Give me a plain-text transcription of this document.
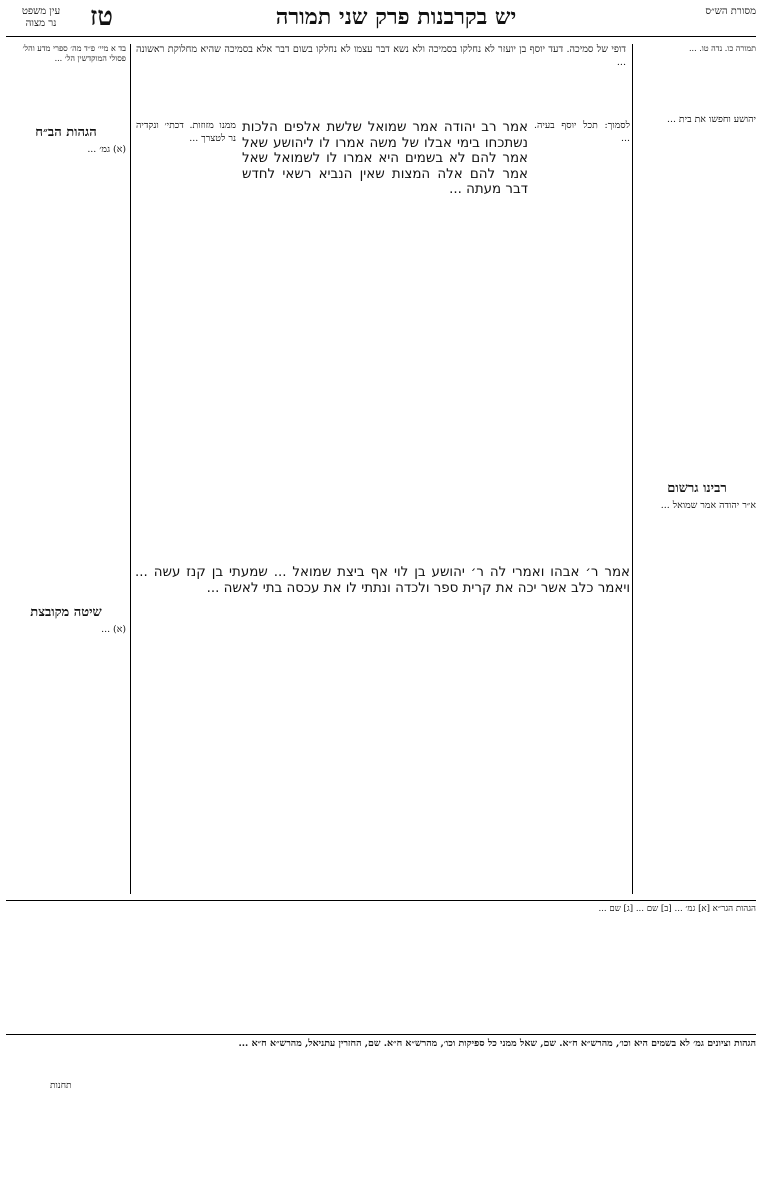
עין משפט
נר מצוה	טז	יש בקרבנות פרק שני תמורה	מסורת הש״ס
בד א מיי׳ פ״ד מה׳ ספרי מדע והל׳ פסולי המוקדשין הל׳ ...
הגהות הב״ח
(א) גמ׳ ...
שיטה מקובצת
(א) ...
ממנו מזוזות. דכתי׳ ונקדיה נר לטצרך ...
דופי של סמיכה. דעד יוסף בן יועזר לא נחלקו בסמיכה ולא נשא דבר עצמו לא נחלקו בשום דבר אלא בסמיכה שהיא מחלוקת ראשונה ...
אמר רב יהודה אמר שמואל שלשת אלפים הלכות נשתכחו בימי אבלו של משה אמרו לו ליהושע שאל אמר להם לא בשמים היא אמרו לו לשמואל שאל אמר להם אלה המצות שאין הנביא רשאי לחדש דבר מעתה ...
לסמוך: תכל יוסף בעיה. ...
אמר ר׳ אבהו ואמרי לה ר׳ יהושע בן לוי אף ביצת שמואל ... שמעתי בן קנז עשה ... ויאמר כלב אשר יכה את קרית ספר ולכדה ונתתי לו את עכסה בתי לאשה ...
תמורה כו. נדה טו. ...
יהושע וחפשו את בית ...
רבינו גרשום
א״ר יהודה אמר שמואל ...
הגהות הגר״א [א] גמ׳ ... [ב] שם ... [ג] שם ...
הגהות וציונים גמ׳ לא בשמים היא וכו׳, מהרש״א ח״א. שם, שאל ממני כל ספיקות וכו׳, מהרש״א ח״א. שם, החזרין עתניאל, מהרש״א ח״א ...
תחנות
